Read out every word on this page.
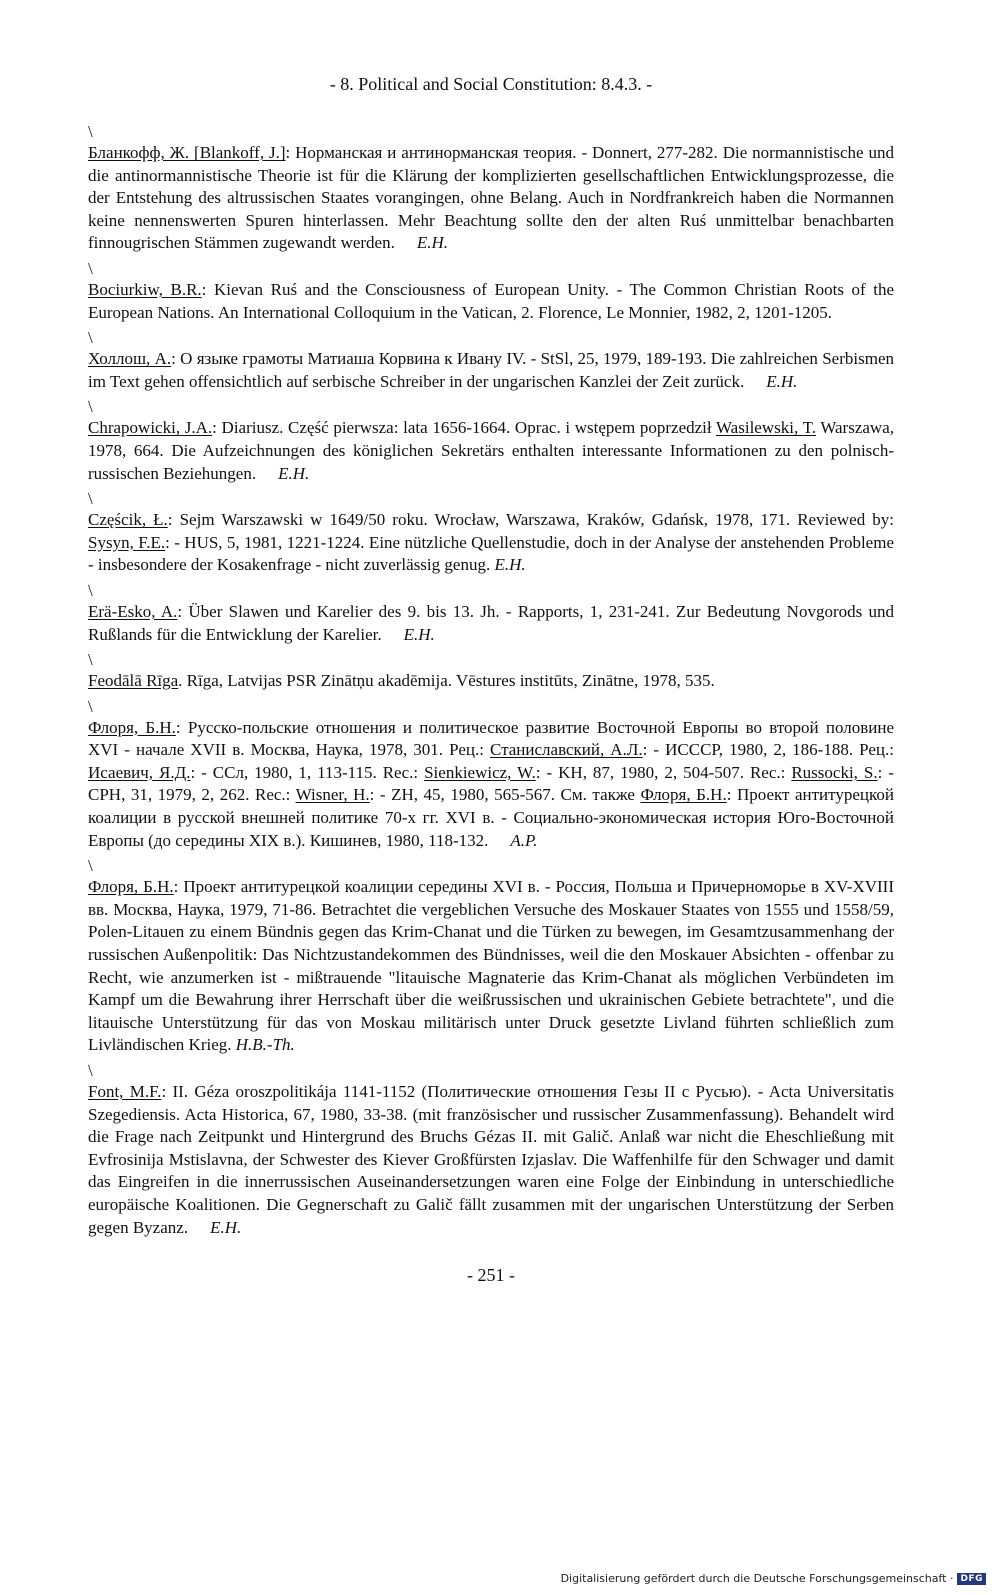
- 8. Political and Social Constitution: 8.4.3. -
\

Бланкофф, Ж. [Blankoff, J.]: Норманская и антинорманская теория. - Donnert, 277-282. Die normannistische und die antinormannistische Theorie ist für die Klärung der komplizierten gesellschaftlichen Entwicklungsprozesse, die der Entstehung des altrussischen Staates vorangingen, ohne Belang. Auch in Nordfrankreich haben die Normannen keine nennenswerten Spuren hinterlassen. Mehr Beachtung sollte den der alten Ruś unmittelbar benachbarten finnougrischen Stämmen zugewandt werden. E.H.

\

Bociurkiw, B.R.: Kievan Ruś and the Consciousness of European Unity. - The Common Christian Roots of the European Nations. An International Colloquium in the Vatican, 2. Florence, Le Monnier, 1982, 2, 1201-1205.

\

Холлош, А.: О языке грамоты Матиаша Корвина к Ивану IV. - StSl, 25, 1979, 189-193. Die zahlreichen Serbismen im Text gehen offensichtlich auf serbische Schreiber in der ungarischen Kanzlei der Zeit zurück. E.H.

\

Chrapowicki, J.A.: Diariusz. Część pierwsza: lata 1656-1664. Oprac. i wstępem poprzedził Wasilewski, T. Warszawa, 1978, 664. Die Aufzeichnungen des königlichen Sekretärs enthalten interessante Informationen zu den polnisch-russischen Beziehungen. E.H.

\

Częścik, Ł.: Sejm Warszawski w 1649/50 roku. Wrocław, Warszawa, Kraków, Gdańsk, 1978, 171. Reviewed by: Sysyn, F.E.: - HUS, 5, 1981, 1221-1224. Eine nützliche Quellenstudie, doch in der Analyse der anstehenden Probleme - insbesondere der Kosakenfrage - nicht zuverlässig genug. E.H.

\

Erä-Esko, A.: Über Slawen und Karelier des 9. bis 13. Jh. - Rapports, 1, 231-241. Zur Bedeutung Novgorods und Rußlands für die Entwicklung der Karelier. E.H.

\

Feodālā Rīga. Rīga, Latvijas PSR Zinātņu akadēmija. Vēstures institūts, Zinātne, 1978, 535.

\

Флоря, Б.Н.: Русско-польские отношения и политическое развитие Восточной Европы во второй половине XVI - начале XVII в. Москва, Наука, 1978, 301. Рец.: Станиславский, А.Л.: - ИССCР, 1980, 2, 186-188. Рец.: Исаевич, Я.Д.: - ССл, 1980, 1, 113-115. Rec.: Sienkiewicz, W.: - KH, 87, 1980, 2, 504-507. Rec.: Russocki, S.: - CPH, 31, 1979, 2, 262. Rec.: Wisner, H.: - ZH, 45, 1980, 565-567. См. также Флоря, Б.Н.: Проект антитурецкой коалиции в русской внешней политике 70-х гг. XVI в. - Социально-экономическая история Юго-Восточной Европы (до середины XIX в.). Кишинев, 1980, 118-132. A.P.

\

Флоря, Б.Н.: Проект антитурецкой коалиции середины XVI в. - Россия, Польша и Причерноморье в XV-XVIII вв. Москва, Наука, 1979, 71-86. Betrachtet die vergeblichen Versuche des Moskauer Staates von 1555 und 1558/59, Polen-Litauen zu einem Bündnis gegen das Krim-Chanat und die Türken zu bewegen, im Gesamtzusammenhang der russischen Außenpolitik: Das Nichtzustandekommen des Bündnisses, weil die den Moskauer Absichten - offenbar zu Recht, wie anzumerken ist - mißtrauende "litauische Magnaterie das Krim-Chanat als möglichen Verbündeten im Kampf um die Bewahrung ihrer Herrschaft über die weißrussischen und ukrainischen Gebiete betrachtete", und die litauische Unterstützung für das von Moskau militärisch unter Druck gesetzte Livland führten schließlich zum Livländischen Krieg. H.B.-Th.

\

Font, M.F.: II. Géza oroszpolitikája 1141-1152 (Политические отношения Гезы II с Русью). - Acta Universitatis Szegediensis. Acta Historica, 67, 1980, 33-38. (mit französischer und russischer Zusammenfassung). Behandelt wird die Frage nach Zeitpunkt und Hintergrund des Bruchs Gézas II. mit Galič. Anlaß war nicht die Eheschließung mit Evfrosinija Mstislavna, der Schwester des Kiever Großfürsten Izjaslav. Die Waffenhilfe für den Schwager und damit das Eingreifen in die innerrussischen Auseinandersetzungen waren eine Folge der Einbindung in unterschiedliche europäische Koalitionen. Die Gegnerschaft zu Galič fällt zusammen mit der ungarischen Unterstützung der Serben gegen Byzanz. E.H.

- 251 -
Digitalisierung gefördert durch die Deutsche Forschungsgemeinschaft · DFG
